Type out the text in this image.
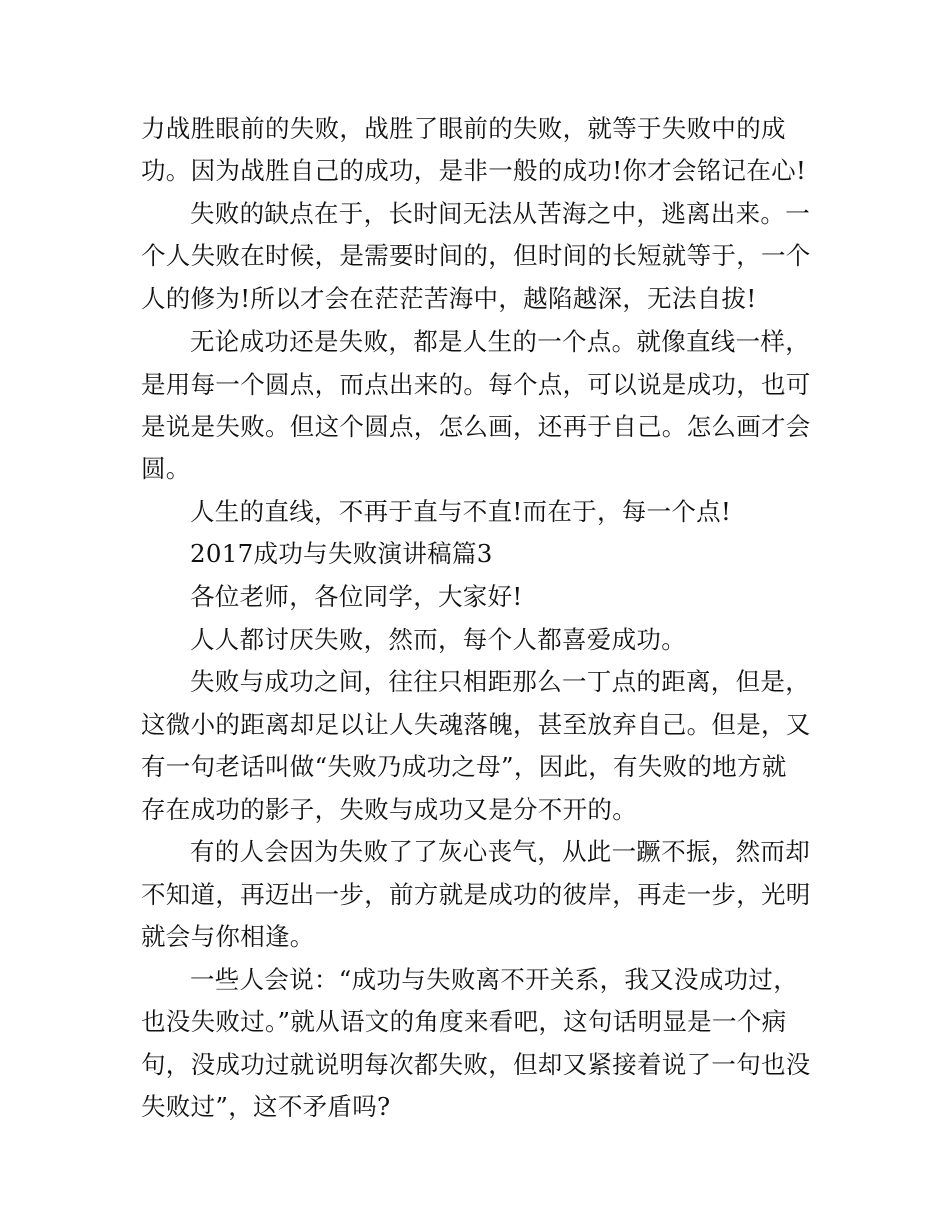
力战胜眼前的失败，战胜了眼前的失败，就等于失败中的成
功。因为战胜自己的成功，是非一般的成功!你才会铭记在心!
失败的缺点在于，长时间无法从苦海之中，逃离出来。一
个人失败在时候，是需要时间的，但时间的长短就等于，一个
人的修为!所以才会在茫茫苦海中，越陷越深，无法自拔!
无论成功还是失败，都是人生的一个点。就像直线一样，
是用每一个圆点，而点出来的。每个点，可以说是成功，也可
是说是失败。但这个圆点，怎么画，还再于自己。怎么画才会
圆。
人生的直线，不再于直与不直!而在于，每一个点!
2017成功与失败演讲稿篇3
各位老师，各位同学，大家好!
人人都讨厌失败，然而，每个人都喜爱成功。
失败与成功之间，往往只相距那么一丁点的距离，但是，
这微小的距离却足以让人失魂落魄，甚至放弃自己。但是，又
有一句老话叫做“失败乃成功之母”，因此，有失败的地方就
存在成功的影子，失败与成功又是分不开的。
有的人会因为失败了了灰心丧气，从此一蹶不振，然而却
不知道，再迈出一步，前方就是成功的彼岸，再走一步，光明
就会与你相逢。
一些人会说：“成功与失败离不开关系，我又没成功过，
也没失败过。”就从语文的角度来看吧，这句话明显是一个病
句，没成功过就说明每次都失败，但却又紧接着说了一句也没
失败过”，这不矛盾吗?
